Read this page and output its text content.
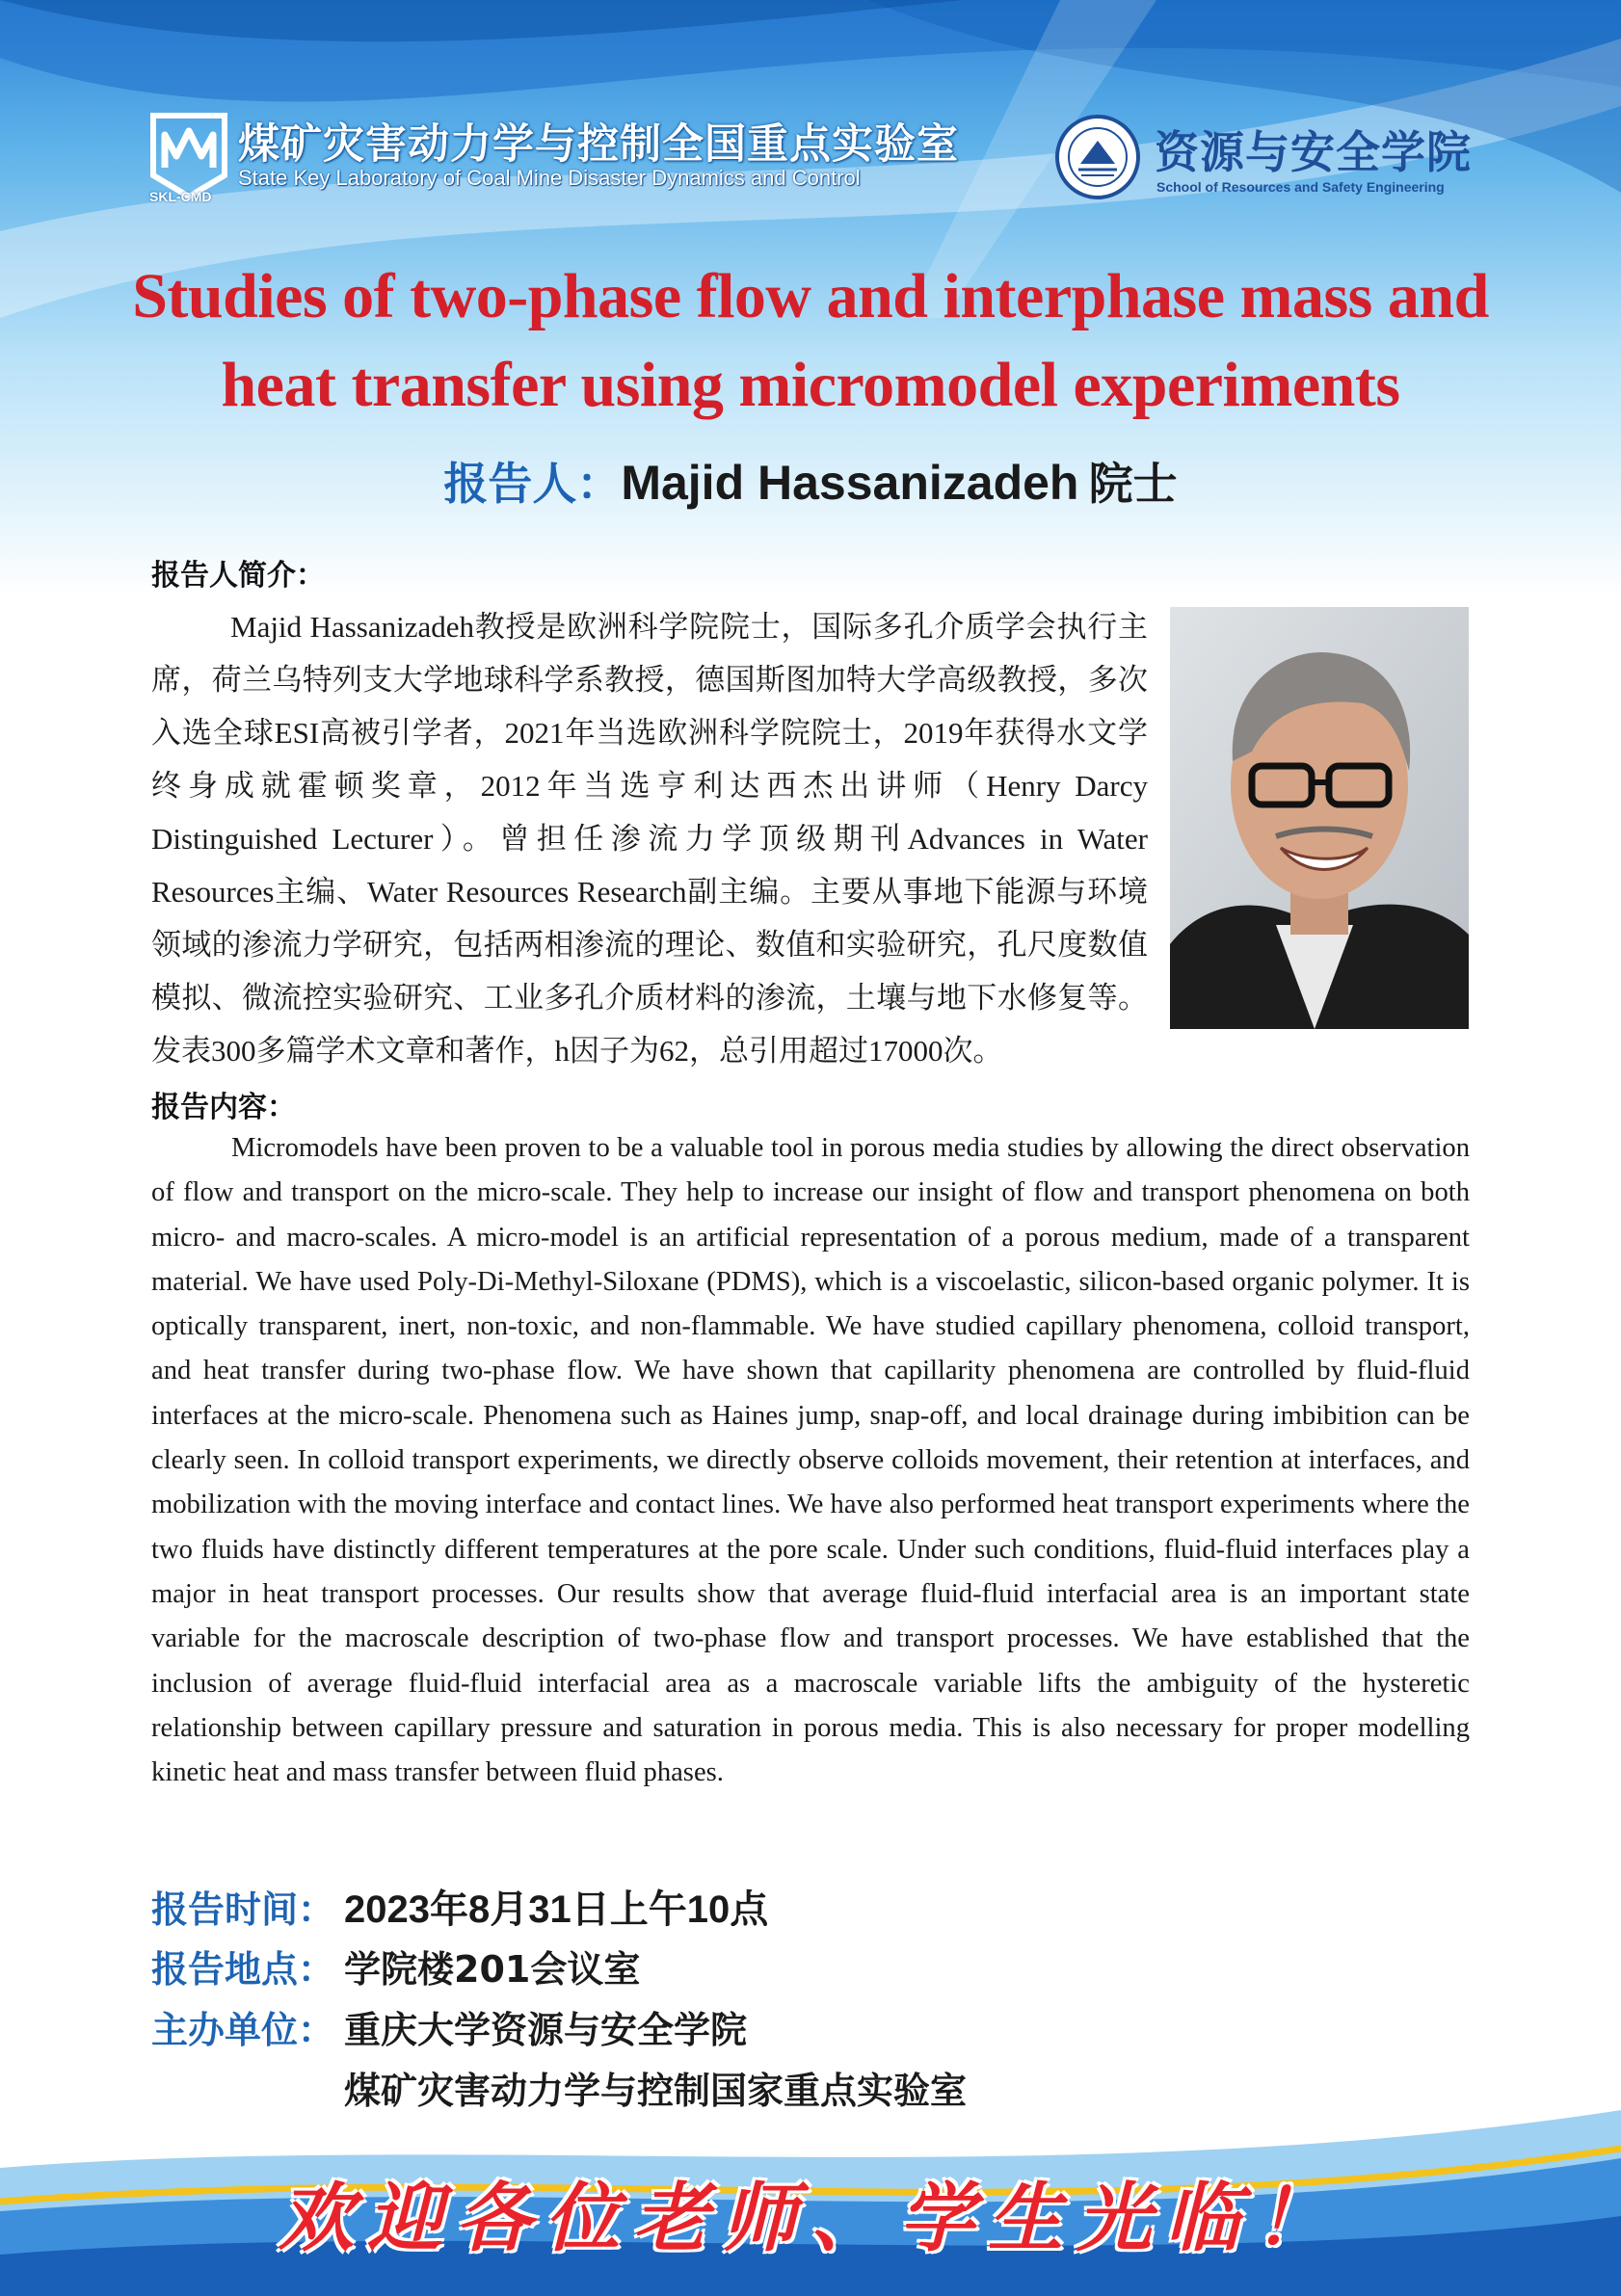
煤矿灾害动力学与控制全国重点实验室
State Key Laboratory of Coal Mine Disaster Dynamics and Control
SKL-CMD
资源与安全学院
School of Resources and Safety Engineering
Studies of two-phase flow and interphase mass and heat transfer using micromodel experiments
报告人：Majid Hassanizadeh 院士
报告人简介：

Majid Hassanizadeh教授是欧洲科学院院士，国际多孔介质学会执行主席，荷兰乌特列支大学地球科学系教授，德国斯图加特大学高级教授，多次入选全球ESI高被引学者，2021年当选欧洲科学院院士，2019年获得水文学终身成就霍顿奖章，2012年当选亨利达西杰出讲师（Henry Darcy Distinguished Lecturer）。曾担任渗流力学顶级期刊Advances in Water Resources主编、Water Resources Research副主编。主要从事地下能源与环境领域的渗流力学研究，包括两相渗流的理论、数值和实验研究，孔尺度数值模拟、微流控实验研究、工业多孔介质材料的渗流，土壤与地下水修复等。发表300多篇学术文章和著作，h因子为62，总引用超过17000次。

报告内容：

Micromodels have been proven to be a valuable tool in porous media studies by allowing the direct observation of flow and transport on the micro-scale. They help to increase our insight of flow and transport phenomena on both micro- and macro-scales. A micro-model is an artificial representation of a porous medium, made of a transparent material. We have used Poly-Di-Methyl-Siloxane (PDMS), which is a viscoelastic, silicon-based organic polymer. It is optically transparent, inert, non-toxic, and non-flammable. We have studied capillary phenomena, colloid transport, and heat transfer during two-phase flow. We have shown that capillarity phenomena are controlled by fluid-fluid interfaces at the micro-scale. Phenomena such as Haines jump, snap-off, and local drainage during imbibition can be clearly seen. In colloid transport experiments, we directly observe colloids movement, their retention at interfaces, and mobilization with the moving interface and contact lines. We have also performed heat transport experiments where the two fluids have distinctly different temperatures at the pore scale. Under such conditions, fluid-fluid interfaces play a major in heat transport processes. Our results show that average fluid-fluid interfacial area is an important state variable for the macroscale description of two-phase flow and transport processes. We have established that the inclusion of average fluid-fluid interfacial area as a macroscale variable lifts the ambiguity of the hysteretic relationship between capillary pressure and saturation in porous media. This is also necessary for proper modelling kinetic heat and mass transfer between fluid phases.

报告时间： 2023年8月31日上午10点
报告地点： 学院楼201会议室
主办单位： 重庆大学资源与安全学院
煤矿灾害动力学与控制国家重点实验室
欢迎各位老师、学生光临！
